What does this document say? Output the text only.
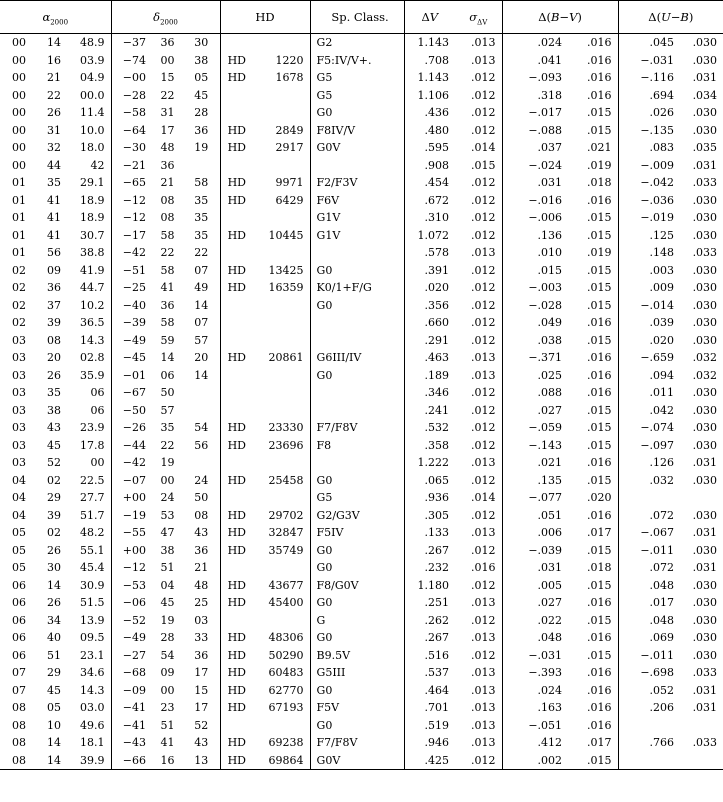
$\alpha_{2000}$			$\delta_{2000}$			HD		Sp. Class.	ΔV	$\sigma_{\Delta V}$	Δ(B−V)		Δ(U−B)	
00	14	48.9	−37	36	30			G2	1.143	.013	.024	.016	.045	.030
00	16	03.9	−74	00	38	HD	1220	F5:IV/V+.	.708	.013	.041	.016	−.031	.030
00	21	04.9	−00	15	05	HD	1678	G5	1.143	.012	−.093	.016	−.116	.031
00	22	00.0	−28	22	45			G5	1.106	.012	.318	.016	.694	.034
00	26	11.4	−58	31	28			G0	.436	.012	−.017	.015	.026	.030
00	31	10.0	−64	17	36	HD	2849	F8IV/V	.480	.012	−.088	.015	−.135	.030
00	32	18.0	−30	48	19	HD	2917	G0V	.595	.014	.037	.021	.083	.035
00	44	42	−21	36					.908	.015	−.024	.019	−.009	.031
01	35	29.1	−65	21	58	HD	9971	F2/F3V	.454	.012	.031	.018	−.042	.033
01	41	18.9	−12	08	35	HD	6429	F6V	.672	.012	−.016	.016	−.036	.030
01	41	18.9	−12	08	35			G1V	.310	.012	−.006	.015	−.019	.030
01	41	30.7	−17	58	35	HD	10445	G1V	1.072	.012	.136	.015	.125	.030
01	56	38.8	−42	22	22				.578	.013	.010	.019	.148	.033
02	09	41.9	−51	58	07	HD	13425	G0	.391	.012	.015	.015	.003	.030
02	36	44.7	−25	41	49	HD	16359	K0/1+F/G	.020	.012	−.003	.015	.009	.030
02	37	10.2	−40	36	14			G0	.356	.012	−.028	.015	−.014	.030
02	39	36.5	−39	58	07				.660	.012	.049	.016	.039	.030
03	08	14.3	−49	59	57				.291	.012	.038	.015	.020	.030
03	20	02.8	−45	14	20	HD	20861	G6III/IV	.463	.013	−.371	.016	−.659	.032
03	26	35.9	−01	06	14			G0	.189	.013	.025	.016	.094	.032
03	35	06	−67	50					.346	.012	.088	.016	.011	.030
03	38	06	−50	57					.241	.012	.027	.015	.042	.030
03	43	23.9	−26	35	54	HD	23330	F7/F8V	.532	.012	−.059	.015	−.074	.030
03	45	17.8	−44	22	56	HD	23696	F8	.358	.012	−.143	.015	−.097	.030
03	52	00	−42	19					1.222	.013	.021	.016	.126	.031
04	02	22.5	−07	00	24	HD	25458	G0	.065	.012	.135	.015	.032	.030
04	29	27.7	+00	24	50			G5	.936	.014	−.077	.020		
04	39	51.7	−19	53	08	HD	29702	G2/G3V	.305	.012	.051	.016	.072	.030
05	02	48.2	−55	47	43	HD	32847	F5IV	.133	.013	.006	.017	−.067	.031
05	26	55.1	+00	38	36	HD	35749	G0	.267	.012	−.039	.015	−.011	.030
05	30	45.4	−12	51	21			G0	.232	.016	.031	.018	.072	.031
06	14	30.9	−53	04	48	HD	43677	F8/G0V	1.180	.012	.005	.015	.048	.030
06	26	51.5	−06	45	25	HD	45400	G0	.251	.013	.027	.016	.017	.030
06	34	13.9	−52	19	03			G	.262	.012	.022	.015	.048	.030
06	40	09.5	−49	28	33	HD	48306	G0	.267	.013	.048	.016	.069	.030
06	51	23.1	−27	54	36	HD	50290	B9.5V	.516	.012	−.031	.015	−.011	.030
07	29	34.6	−68	09	17	HD	60483	G5III	.537	.013	−.393	.016	−.698	.033
07	45	14.3	−09	00	15	HD	62770	G0	.464	.013	.024	.016	.052	.031
08	05	03.0	−41	23	17	HD	67193	F5V	.701	.013	.163	.016	.206	.031
08	10	49.6	−41	51	52			G0	.519	.013	−.051	.016		
08	14	18.1	−43	41	43	HD	69238	F7/F8V	.946	.013	.412	.017	.766	.033
08	14	39.9	−66	16	13	HD	69864	G0V	.425	.012	.002	.015		
